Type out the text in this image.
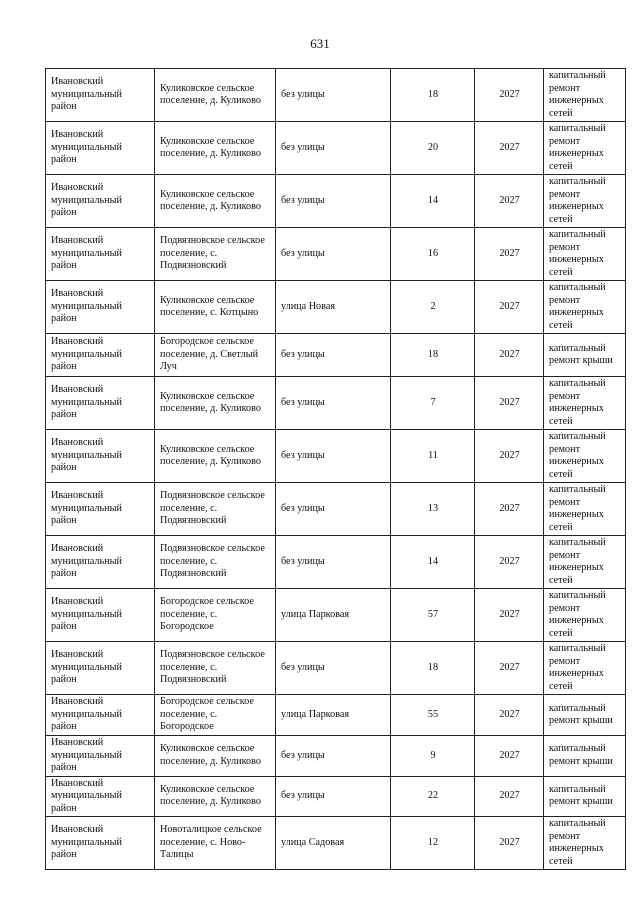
631
Ивановский муниципальный район	Куликовское сельское поселение, д. Куликово	без улицы	18	2027	капитальный ремонт инженерных сетей
Ивановский муниципальный район	Куликовское сельское поселение, д. Куликово	без улицы	20	2027	капитальный ремонт инженерных сетей
Ивановский муниципальный район	Куликовское сельское поселение, д. Куликово	без улицы	14	2027	капитальный ремонт инженерных сетей
Ивановский муниципальный район	Подвязновское сельское поселение, с. Подвязновский	без улицы	16	2027	капитальный ремонт инженерных сетей
Ивановский муниципальный район	Куликовское сельское поселение, с. Котцыно	улица Новая	2	2027	капитальный ремонт инженерных сетей
Ивановский муниципальный район	Богородское сельское поселение, д. Светлый Луч	без улицы	18	2027	капитальный ремонт крыши
Ивановский муниципальный район	Куликовское сельское поселение, д. Куликово	без улицы	7	2027	капитальный ремонт инженерных сетей
Ивановский муниципальный район	Куликовское сельское поселение, д. Куликово	без улицы	11	2027	капитальный ремонт инженерных сетей
Ивановский муниципальный район	Подвязновское сельское поселение, с. Подвязновский	без улицы	13	2027	капитальный ремонт инженерных сетей
Ивановский муниципальный район	Подвязновское сельское поселение, с. Подвязновский	без улицы	14	2027	капитальный ремонт инженерных сетей
Ивановский муниципальный район	Богородское сельское поселение, с. Богородское	улица Парковая	57	2027	капитальный ремонт инженерных сетей
Ивановский муниципальный район	Подвязновское сельское поселение, с. Подвязновский	без улицы	18	2027	капитальный ремонт инженерных сетей
Ивановский муниципальный район	Богородское сельское поселение, с. Богородское	улица Парковая	55	2027	капитальный ремонт крыши
Ивановский муниципальный район	Куликовское сельское поселение, д. Куликово	без улицы	9	2027	капитальный ремонт крыши
Ивановский муниципальный район	Куликовское сельское поселение, д. Куликово	без улицы	22	2027	капитальный ремонт крыши
Ивановский муниципальный район	Новоталицкое сельское поселение, с. Ново-Талицы	улица Садовая	12	2027	капитальный ремонт инженерных сетей
